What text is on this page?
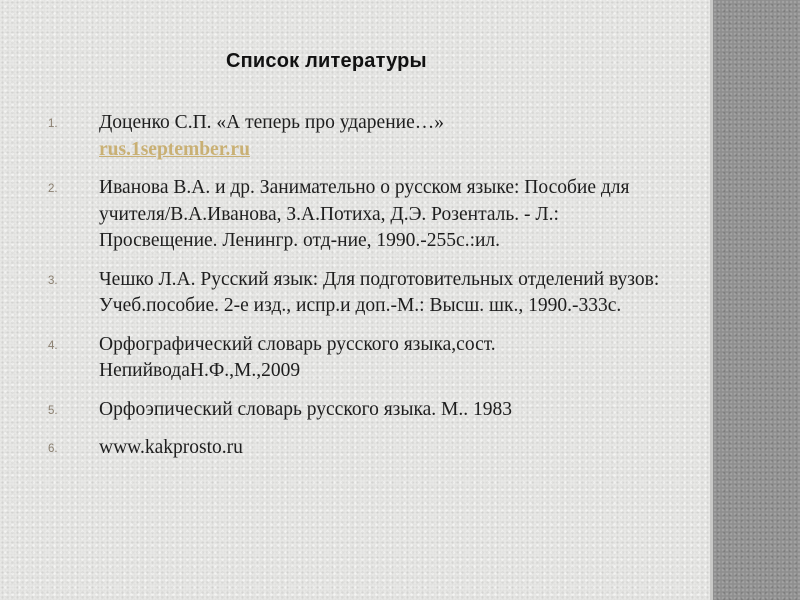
Список литературы
1. Доценко С.П. «А теперь про ударение…»
rus.1september.ru
2. Иванова В.А. и др. Занимательно о русском языке: Пособие для учителя/В.А.Иванова, З.А.Потиха, Д.Э. Розенталь. - Л.: Просвещение. Ленингр. отд-ние, 1990.-255с.:ил.
3. Чешко Л.А. Русский язык: Для подготовительных отделений вузов: Учеб.пособие. 2-е изд., испр.и доп.-М.: Высш. шк., 1990.-333с.
4. Орфографический словарь русского языка,сост. НепийводаН.Ф.,М.,2009
5. Орфоэпический словарь русского языка. М.. 1983
6. www.kakprosto.ru
